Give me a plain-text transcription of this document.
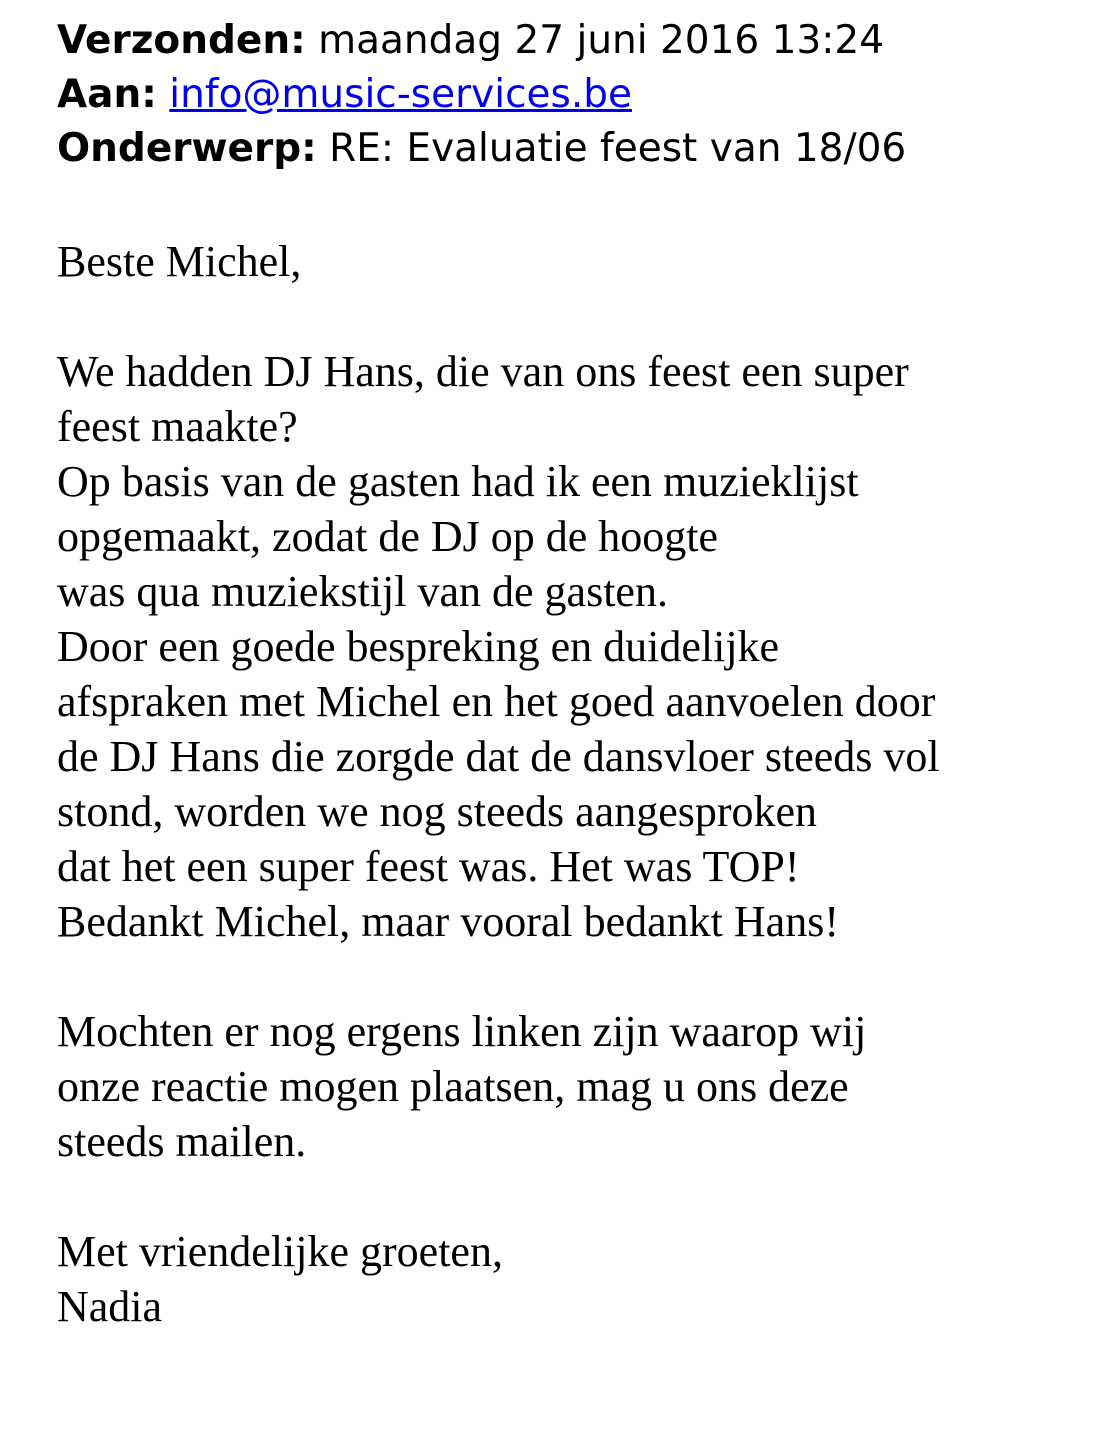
Verzonden: maandag 27 juni 2016 13:24
Aan: info@music-services.be
Onderwerp: RE: Evaluatie feest van 18/06

Beste Michel,

We hadden DJ Hans, die van ons feest een super
feest maakte?
Op basis van de gasten had ik een muzieklijst
opgemaakt, zodat de DJ op de hoogte
was qua muziekstijl van de gasten.
Door een goede bespreking en duidelijke
afspraken met Michel en het goed aanvoelen door
de DJ Hans die zorgde dat de dansvloer steeds vol
stond, worden we nog steeds aangesproken
dat het een super feest was. Het was TOP!
Bedankt Michel, maar vooral bedankt Hans!

Mochten er nog ergens linken zijn waarop wij
onze reactie mogen plaatsen, mag u ons deze
steeds mailen.

Met vriendelijke groeten,
Nadia
